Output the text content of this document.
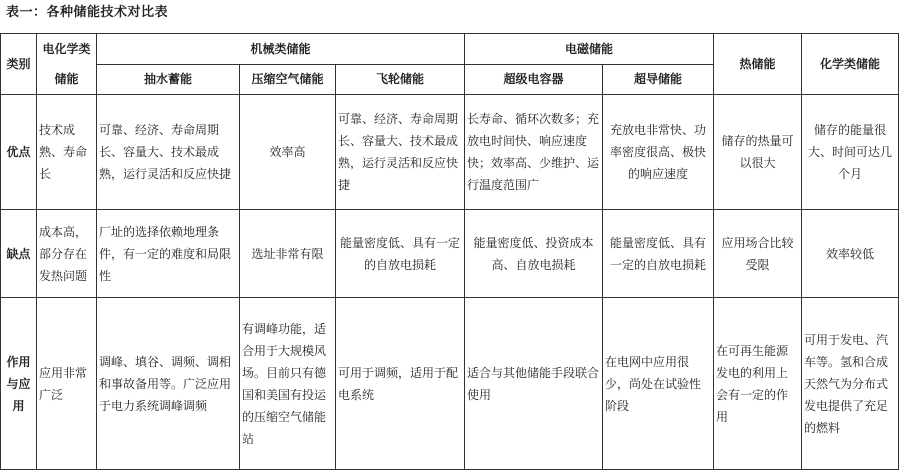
表一：各种储能技术对比表
类别	电化学类储能	机械类储能			电磁储能		热储能	化学类储能
		抽水蓄能	压缩空气储能	飞轮储能	超级电容器	超导储能		
优点	技术成熟、寿命长	可靠、经济、寿命周期长、容量大、技术最成熟，运行灵活和反应快捷	效率高	可靠、经济、寿命周期长、容量大、技术最成熟，运行灵活和反应快捷	长寿命、循环次数多；充放电时间快、响应速度快；效率高、少维护、运行温度范围广	充放电非常快、功率密度很高、极快的响应速度	储存的热量可以很大	储存的能量很大、时间可达几个月
缺点	成本高，部分存在发热问题	厂址的选择依赖地理条件，有一定的难度和局限性	选址非常有限	能量密度低、具有一定的自放电损耗	能量密度低、投资成本高、自放电损耗	能量密度低、具有一定的自放电损耗	应用场合比较受限	效率较低
作用与应用	应用非常广泛	调峰、填谷、调频、调相和事故备用等。广泛应用于电力系统调峰调频	有调峰功能，适合用于大规模风场。目前只有德国和美国有投运的压缩空气储能站	可用于调频，适用于配电系统	适合与其他储能手段联合使用	在电网中应用很少，尚处在试验性阶段	在可再生能源发电的利用上会有一定的作用	可用于发电、汽车等。氢和合成天然气为分布式发电提供了充足的燃料
